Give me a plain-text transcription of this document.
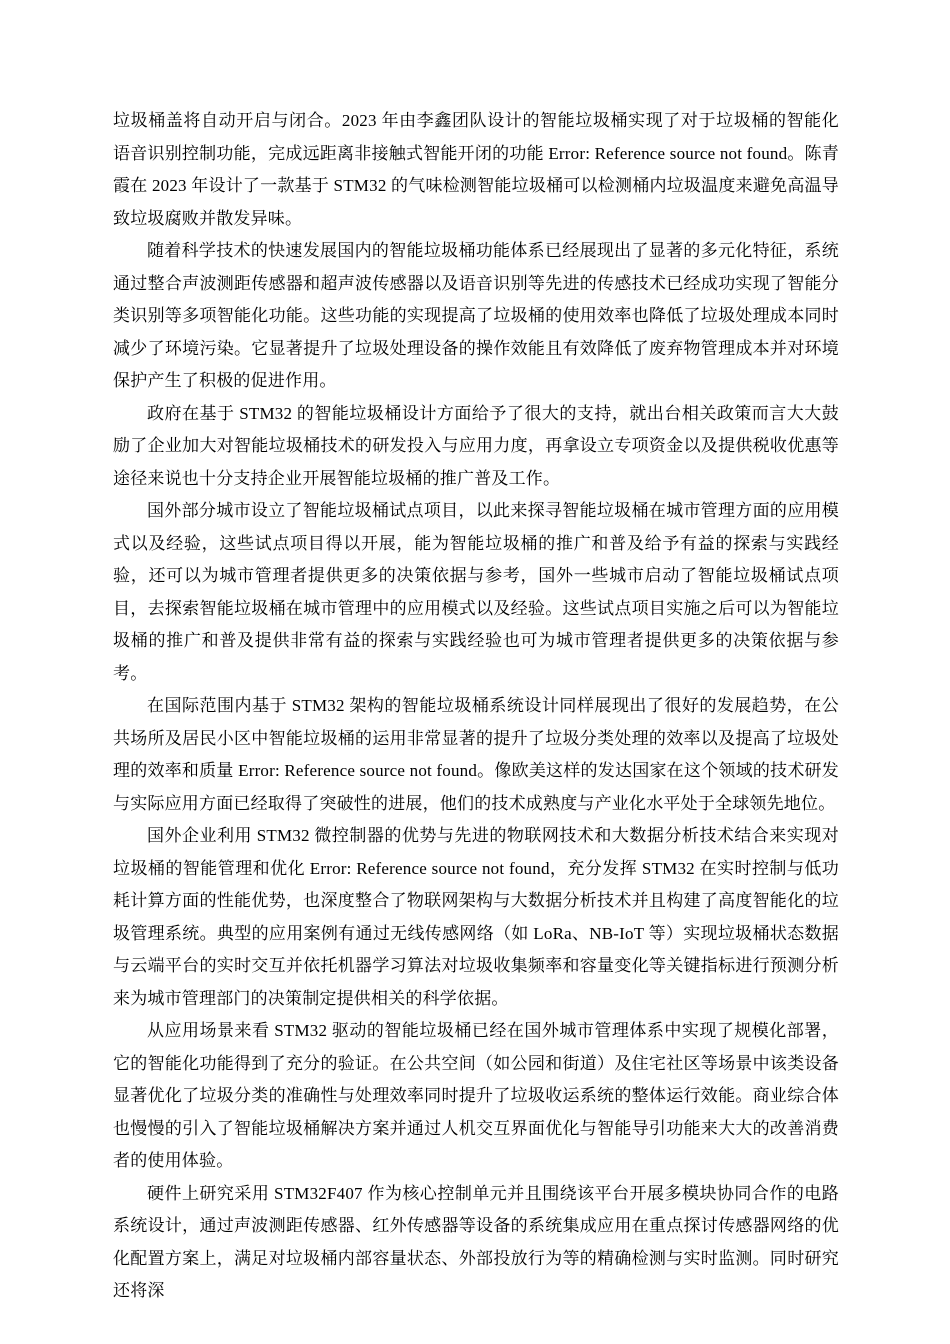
垃圾桶盖将自动开启与闭合。2023 年由李鑫团队设计的智能垃圾桶实现了对于垃圾桶的智能化语音识别控制功能，完成远距离非接触式智能开闭的功能 Error: Reference source not found。陈青霞在 2023 年设计了一款基于 STM32 的气味检测智能垃圾桶可以检测桶内垃圾温度来避免高温导致垃圾腐败并散发异味。

随着科学技术的快速发展国内的智能垃圾桶功能体系已经展现出了显著的多元化特征，系统通过整合声波测距传感器和超声波传感器以及语音识别等先进的传感技术已经成功实现了智能分类识别等多项智能化功能。这些功能的实现提高了垃圾桶的使用效率也降低了垃圾处理成本同时减少了环境污染。它显著提升了垃圾处理设备的操作效能且有效降低了废弃物管理成本并对环境保护产生了积极的促进作用。

政府在基于 STM32 的智能垃圾桶设计方面给予了很大的支持，就出台相关政策而言大大鼓励了企业加大对智能垃圾桶技术的研发投入与应用力度，再拿设立专项资金以及提供税收优惠等途径来说也十分支持企业开展智能垃圾桶的推广普及工作。

国外部分城市设立了智能垃圾桶试点项目，以此来探寻智能垃圾桶在城市管理方面的应用模式以及经验，这些试点项目得以开展，能为智能垃圾桶的推广和普及给予有益的探索与实践经验，还可以为城市管理者提供更多的决策依据与参考，国外一些城市启动了智能垃圾桶试点项目，去探索智能垃圾桶在城市管理中的应用模式以及经验。这些试点项目实施之后可以为智能垃圾桶的推广和普及提供非常有益的探索与实践经验也可为城市管理者提供更多的决策依据与参考。

在国际范围内基于 STM32 架构的智能垃圾桶系统设计同样展现出了很好的发展趋势，在公共场所及居民小区中智能垃圾桶的运用非常显著的提升了垃圾分类处理的效率以及提高了垃圾处理的效率和质量 Error: Reference source not found。像欧美这样的发达国家在这个领域的技术研发与实际应用方面已经取得了突破性的进展，他们的技术成熟度与产业化水平处于全球领先地位。

国外企业利用 STM32 微控制器的优势与先进的物联网技术和大数据分析技术结合来实现对垃圾桶的智能管理和优化 Error: Reference source not found，充分发挥 STM32 在实时控制与低功耗计算方面的性能优势，也深度整合了物联网架构与大数据分析技术并且构建了高度智能化的垃圾管理系统。典型的应用案例有通过无线传感网络（如 LoRa、NB-IoT 等）实现垃圾桶状态数据与云端平台的实时交互并依托机器学习算法对垃圾收集频率和容量变化等关键指标进行预测分析来为城市管理部门的决策制定提供相关的科学依据。

从应用场景来看 STM32 驱动的智能垃圾桶已经在国外城市管理体系中实现了规模化部署，它的智能化功能得到了充分的验证。在公共空间（如公园和街道）及住宅社区等场景中该类设备显著优化了垃圾分类的准确性与处理效率同时提升了垃圾收运系统的整体运行效能。商业综合体也慢慢的引入了智能垃圾桶解决方案并通过人机交互界面优化与智能导引功能来大大的改善消费者的使用体验。

硬件上研究采用 STM32F407 作为核心控制单元并且围绕该平台开展多模块协同合作的电路系统设计，通过声波测距传感器、红外传感器等设备的系统集成应用在重点探讨传感器网络的优化配置方案上，满足对垃圾桶内部容量状态、外部投放行为等的精确检测与实时监测。同时研究还将深
